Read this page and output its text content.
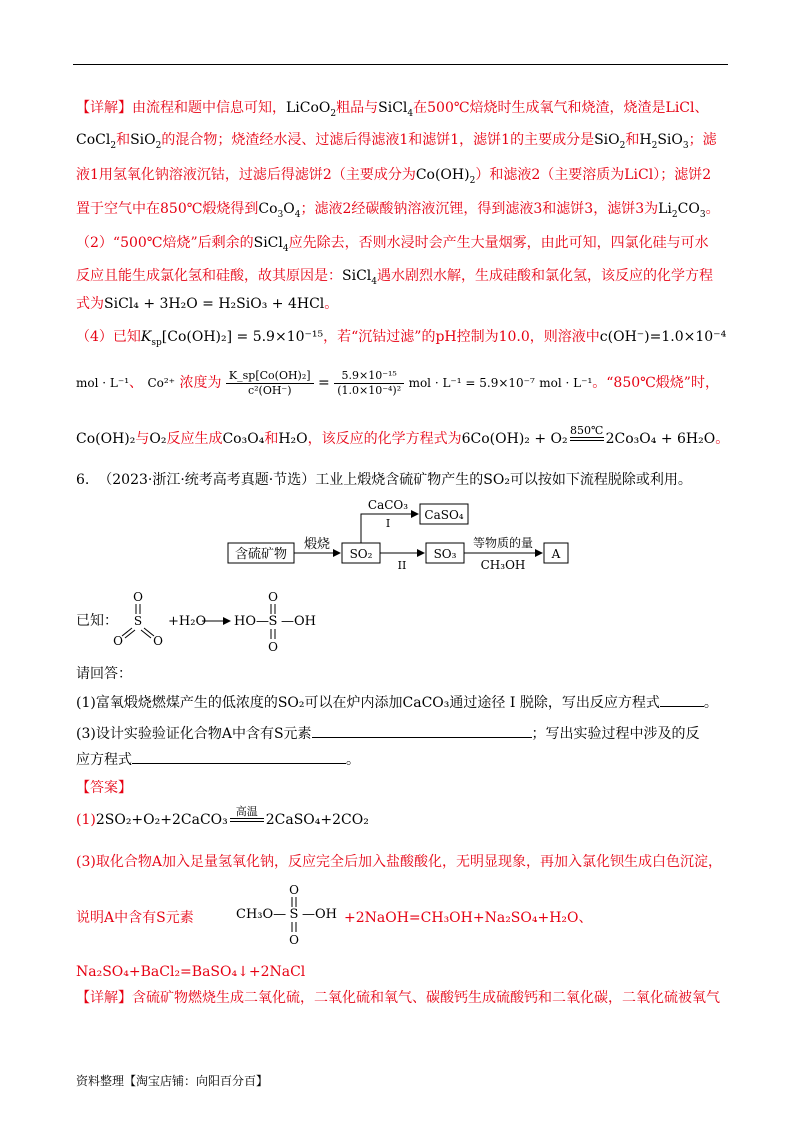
【详解】由流程和题中信息可知，LiCoO$_2$粗品与SiCl$_4$在500℃焙烧时生成氧气和烧渣，烧渣是LiCl、
CoCl$_2$和SiO$_2$的混合物；烧渣经水浸、过滤后得滤液1和滤饼1，滤饼1的主要成分是SiO$_2$和$H_2SiO_3$；滤
液1用氢氧化钠溶液沉钴，过滤后得滤饼2（主要成分为$Co(OH)_2$）和滤液2（主要溶质为LiCl）；滤饼2
置于空气中在850℃煅烧得到$Co_3O_4$；滤液2经碳酸钠溶液沉锂，得到滤液3和滤饼3，滤饼3为$Li_2CO_3$。
（2）“500℃焙烧”后剩余的SiCl$_4$应先除去，否则水浸时会产生大量烟雾，由此可知，四氯化硅与可水
反应且能生成氯化氢和硅酸，故其原因是：SiCl$_4$遇水剧烈水解，生成硅酸和氯化氢，该反应的化学方程
式为SiCl₄ + 3H₂O = H₂SiO₃ + 4HCl。
（4）已知$K_{sp}[Co(OH)_2] = 5.9\times 10^{-15}$，若“沉钴过滤”的pH控制为10.0，则溶液中c(OH⁻)=1.0×10⁻⁴
mol · L⁻¹、 Co²⁺ 浓度为 $\frac{\text{K\_sp[Co(OH)₂]}}{\text{c²(OH⁻)}} = \frac{\text{5.9×10⁻¹⁵}}{\text{(1.0×10⁻⁴)²}}$ mol · L⁻¹ = 5.9×10⁻⁷ mol · L⁻¹。“850℃煅烧”时，
Co(OH)₂与O₂反应生成Co₃O₄和H₂O，该反应的化学方程式为6Co(OH)₂ + O₂
850℃

2Co₃O₄ + 6H₂O。
6. （2023·浙江·统考高考真题·节选）工业上煅烧含硫矿物产生的SO₂可以按如下流程脱除或利用。
含硫矿物
煅烧
SO₂
CaCO₃
I
CaSO₄
II
SO₃
等物质的量
CH₃OH
A
已知：
O
S
O	O
+H₂O HO—
O
S
O
—OH
请回答：
(1)富氧煅烧燃煤产生的低浓度的SO₂可以在炉内添加CaCO₃通过途径 I 脱除，写出反应方程式	。
(3)设计实验验证化合物A中含有S元素	；写出实验过程中涉及的反
应方程式	。
【答案】
(1)2SO₂+O₂+2CaCO₃
高温

2CaSO₄+2CO₂
(3)取化合物A加入足量氢氧化钠，反应完全后加入盐酸酸化，无明显现象，再加入氯化钡生成白色沉淀，
说明A中含有S元素	CH₃O—
O
S
O
—OH +2NaOH=CH₃OH+Na₂SO₄+H₂O、
Na₂SO₄+BaCl₂=BaSO₄↓+2NaCl
【详解】含硫矿物燃烧生成二氧化硫，二氧化硫和氧气、碳酸钙生成硫酸钙和二氧化碳，二氧化硫被氧气
资料整理【淘宝店铺：向阳百分百】
